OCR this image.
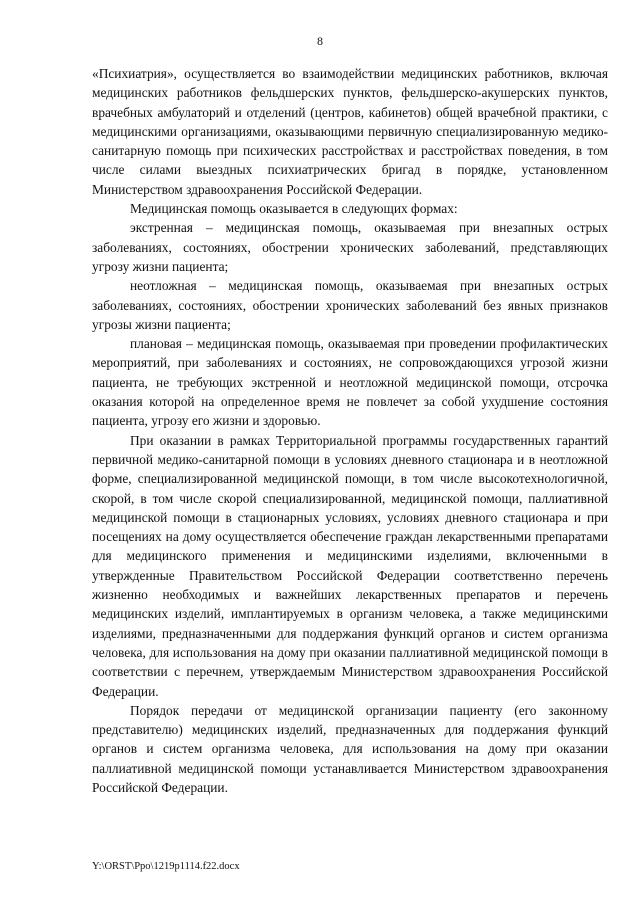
8

«Психиатрия», осуществляется во взаимодействии медицинских работников, включая медицинских работников фельдшерских пунктов, фельдшерско-акушерских пунктов, врачебных амбулаторий и отделений (центров, кабинетов) общей врачебной практики, с медицинскими организациями, оказывающими первичную специализированную медико-санитарную помощь при психических расстройствах и расстройствах поведения, в том числе силами выездных психиатрических бригад в порядке, установленном Министерством здравоохранения Российской Федерации.

Медицинская помощь оказывается в следующих формах:

экстренная – медицинская помощь, оказываемая при внезапных острых заболеваниях, состояниях, обострении хронических заболеваний, представляющих угрозу жизни пациента;

неотложная – медицинская помощь, оказываемая при внезапных острых заболеваниях, состояниях, обострении хронических заболеваний без явных признаков угрозы жизни пациента;

плановая – медицинская помощь, оказываемая при проведении профилактических мероприятий, при заболеваниях и состояниях, не сопровождающихся угрозой жизни пациента, не требующих экстренной и неотложной медицинской помощи, отсрочка оказания которой на определенное время не повлечет за собой ухудшение состояния пациента, угрозу его жизни и здоровью.

При оказании в рамках Территориальной программы государственных гарантий первичной медико-санитарной помощи в условиях дневного стационара и в неотложной форме, специализированной медицинской помощи, в том числе высокотехнологичной, скорой, в том числе скорой специализированной, медицинской помощи, паллиативной медицинской помощи в стационарных условиях, условиях дневного стационара и при посещениях на дому осуществляется обеспечение граждан лекарственными препаратами для медицинского применения и медицинскими изделиями, включенными в утвержденные Правительством Российской Федерации соответственно перечень жизненно необходимых и важнейших лекарственных препаратов и перечень медицинских изделий, имплантируемых в организм человека, а также медицинскими изделиями, предназначенными для поддержания функций органов и систем организма человека, для использования на дому при оказании паллиативной медицинской помощи в соответствии с перечнем, утверждаемым Министерством здравоохранения Российской Федерации.

Порядок передачи от медицинской организации пациенту (его законному представителю) медицинских изделий, предназначенных для поддержания функций органов и систем организма человека, для использования на дому при оказании паллиативной медицинской помощи устанавливается Министерством здравоохранения Российской Федерации.

Y:\ORST\Ppo\1219p1114.f22.docx
